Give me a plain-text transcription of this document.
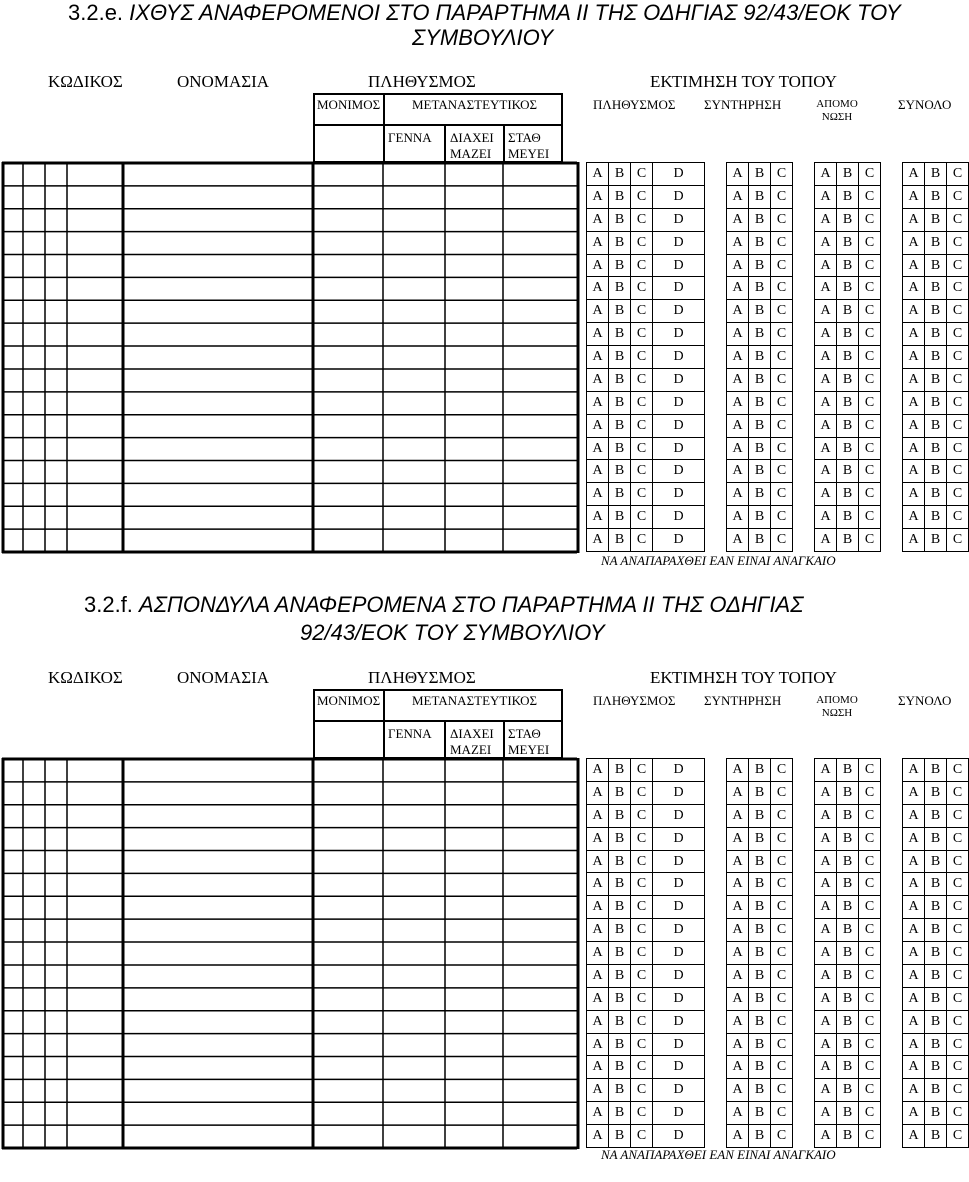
3.2.e. ΙΧΘΥΣ ΑΝΑΦΕΡΟΜΕΝΟΙ ΣΤΟ ΠΑΡΑΡΤΗΜΑ II ΤΗΣ ΟΔΗΓΙΑΣ 92/43/ΕΟΚ ΤΟΥ
ΣΥΜΒΟΥΛΙΟΥ
ΚΩΔΙΚΟΣ	ΟΝΟΜΑΣΙΑ	ΠΛΗΘΥΣΜΟΣ	ΕΚΤΙΜΗΣΗ ΤΟΥ ΤΟΠΟΥ
ΜΟΝΙΜΟΣ ΜΕΤΑΝΑΣΤΕΥΤΙΚΟΣ
ΓΕΝΝΑ ΔΙΑΧΕΙ
ΜΑΖΕΙ
ΣΤΑΘ
ΜΕΥΕΙ
ΠΛΗΘΥΣΜΟΣ ΣΥΝΤΗΡΗΣΗ	ΑΠΟΜΟ
ΝΩΣΗ
ΣΥΝΟΛΟ
A B C	D	A B C	A B C	A B C
A B C	D	A B C	A B C	A B C
A B C	D	A B C	A B C	A B C
A B C	D	A B C	A B C	A B C
A B C	D	A B C	A B C	A B C
A B C	D	A B C	A B C	A B C
A B C	D	A B C	A B C	A B C
A B C	D	A B C	A B C	A B C
A B C	D	A B C	A B C	A B C
A B C	D	A B C	A B C	A B C
A B C	D	A B C	A B C	A B C
A B C	D	A B C	A B C	A B C
A B C	D	A B C	A B C	A B C
A B C	D	A B C	A B C	A B C
A B C	D	A B C	A B C	A B C
A B C	D	A B C	A B C	A B C
A B C	D	A B C	A B C	A B C
ΝΑ ΑΝΑΠΑΡΑΧΘΕΙ ΕΑΝ ΕΙΝΑΙ ΑΝΑΓΚΑΙΟ
3.2.f. ΑΣΠΟΝΔΥΛΑ ΑΝΑΦΕΡΟΜΕΝΑ ΣΤΟ ΠΑΡΑΡΤΗΜΑ II ΤΗΣ ΟΔΗΓΙΑΣ
92/43/ΕΟΚ ΤΟΥ ΣΥΜΒΟΥΛΙΟΥ
ΚΩΔΙΚΟΣ	ΟΝΟΜΑΣΙΑ	ΠΛΗΘΥΣΜΟΣ	ΕΚΤΙΜΗΣΗ ΤΟΥ ΤΟΠΟΥ
ΜΟΝΙΜΟΣ ΜΕΤΑΝΑΣΤΕΥΤΙΚΟΣ
ΓΕΝΝΑ ΔΙΑΧΕΙ
ΜΑΖΕΙ
ΣΤΑΘ
ΜΕΥΕΙ
ΠΛΗΘΥΣΜΟΣ ΣΥΝΤΗΡΗΣΗ	ΑΠΟΜΟ
ΝΩΣΗ
ΣΥΝΟΛΟ
A B C	D	A B C	A B C	A B C
A B C	D	A B C	A B C	A B C
A B C	D	A B C	A B C	A B C
A B C	D	A B C	A B C	A B C
A B C	D	A B C	A B C	A B C
A B C	D	A B C	A B C	A B C
A B C	D	A B C	A B C	A B C
A B C	D	A B C	A B C	A B C
A B C	D	A B C	A B C	A B C
A B C	D	A B C	A B C	A B C
A B C	D	A B C	A B C	A B C
A B C	D	A B C	A B C	A B C
A B C	D	A B C	A B C	A B C
A B C	D	A B C	A B C	A B C
A B C	D	A B C	A B C	A B C
A B C	D	A B C	A B C	A B C
A B C	D	A B C	A B C	A B C
ΝΑ ΑΝΑΠΑΡΑΧΘΕΙ ΕΑΝ ΕΙΝΑΙ ΑΝΑΓΚΑΙΟ
